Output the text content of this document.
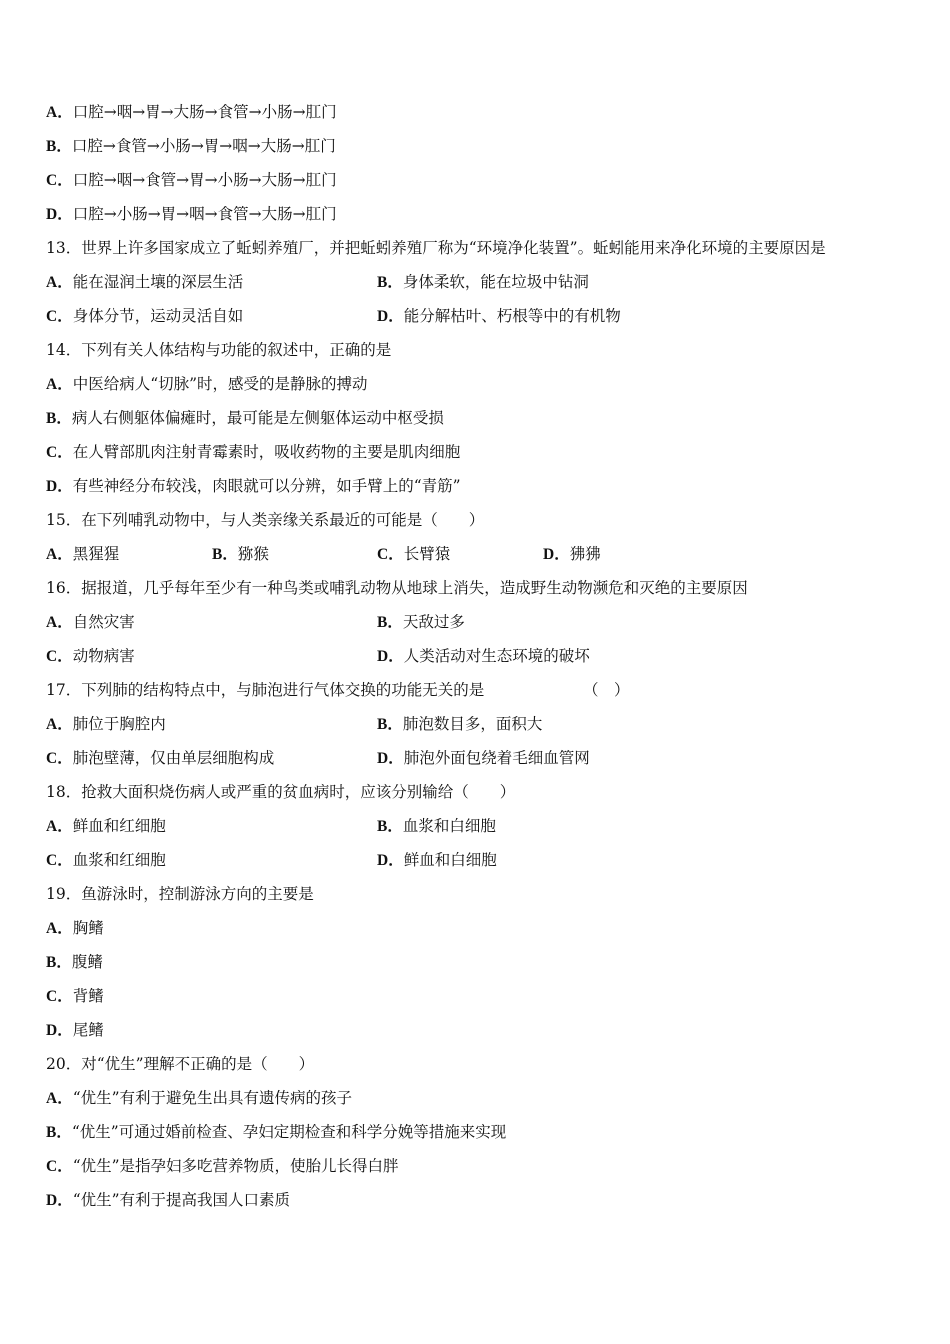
A．口腔→咽→胃→大肠→食管→小肠→肛门
B．口腔→食管→小肠→胃→咽→大肠→肛门
C．口腔→咽→食管→胃→小肠→大肠→肛门
D．口腔→小肠→胃→咽→食管→大肠→肛门
13．世界上许多国家成立了蚯蚓养殖厂，并把蚯蚓养殖厂称为“环境净化装置”。蚯蚓能用来净化环境的主要原因是
A．能在湿润土壤的深层生活	B．身体柔软，能在垃圾中钻洞
C．身体分节，运动灵活自如	D．能分解枯叶、朽根等中的有机物
14．下列有关人体结构与功能的叙述中，正确的是
A．中医给病人“切脉”时，感受的是静脉的搏动
B．病人右侧躯体偏瘫时，最可能是左侧躯体运动中枢受损
C．在人臂部肌肉注射青霉素时，吸收药物的主要是肌肉细胞
D．有些神经分布较浅，肉眼就可以分辨，如手臂上的“青筋”
15．在下列哺乳动物中，与人类亲缘关系最近的可能是（　　）
A．黑猩猩	B．猕猴	C．长臂猿	D．狒狒
16．据报道，几乎每年至少有一种鸟类或哺乳动物从地球上消失，造成野生动物濒危和灭绝的主要原因
A．自然灾害	B．天敌过多
C．动物病害	D．人类活动对生态环境的破坏
17．下列肺的结构特点中，与肺泡进行气体交换的功能无关的是	（　）
A．肺位于胸腔内	B．肺泡数目多，面积大
C．肺泡壁薄，仅由单层细胞构成	D．肺泡外面包绕着毛细血管网
18．抢救大面积烧伤病人或严重的贫血病时，应该分别输给（　　）
A．鲜血和红细胞	B．血浆和白细胞
C．血浆和红细胞	D．鲜血和白细胞
19．鱼游泳时，控制游泳方向的主要是
A．胸鳍
B．腹鳍
C．背鳍
D．尾鳍
20．对“优生”理解不正确的是（　　）
A．“优生”有利于避免生出具有遗传病的孩子
B．“优生”可通过婚前检查、孕妇定期检查和科学分娩等措施来实现
C．“优生”是指孕妇多吃营养物质，使胎儿长得白胖
D．“优生”有利于提高我国人口素质
